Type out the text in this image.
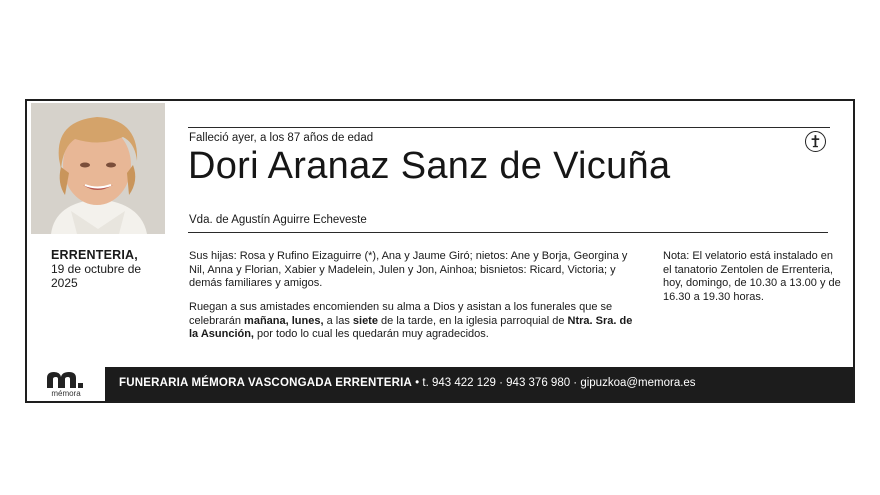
ERRENTERIA,
19 de octubre de 2025
Falleció ayer, a los 87 años de edad
Dori Aranaz Sanz de Vicuña
Vda. de Agustín Aguirre Echeveste
Sus hijas: Rosa y Rufino Eizaguirre (*), Ana y Jaume Giró; nietos: Ane y Borja, Georgina y Nil, Anna y Florian, Xabier y Madelein, Julen y Jon, Ainhoa; bisnietos: Ricard, Victoria; y demás familiares y amigos.
Ruegan a sus amistades encomienden su alma a Dios y asistan a los funerales que se celebrarán mañana, lunes, a las siete de la tarde, en la iglesia parroquial de Ntra. Sra. de la Asunción, por todo lo cual les quedarán muy agradecidos.
Nota: El velatorio está instalado en el tanatorio Zentolen de Errenteria, hoy, domingo, de 10.30 a 13.00 y de 16.30 a 19.30 horas.
mémora
FUNERARIA MÉMORA VASCONGADA ERRENTERIA • t. 943 422 129 · 943 376 980 · gipuzkoa@memora.es
